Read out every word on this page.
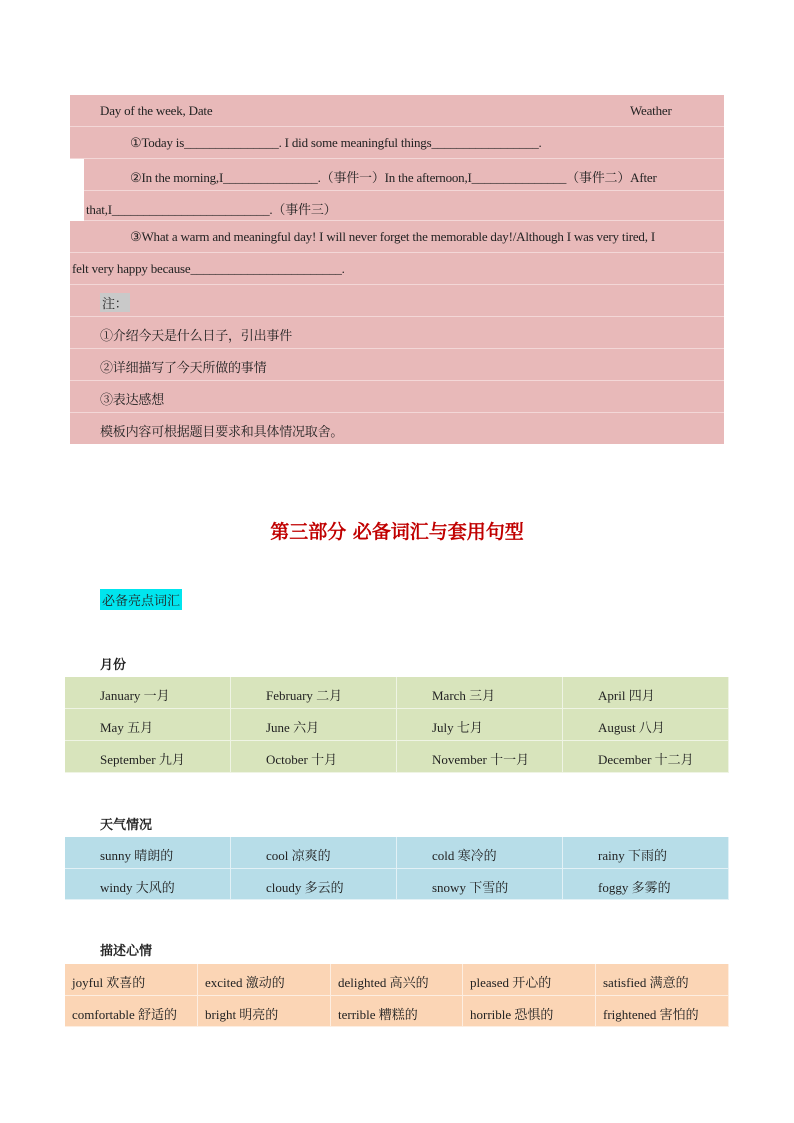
Day of the week, Date	Weather
①Today is_______________. I did some meaningful things_________________.
②In the morning,I_______________.（事件一）In the afternoon,I_______________（事件二）After
that,I_________________________.（事件三）
③What a warm and meaningful day! I will never forget the memorable day!/Although I was very tired, I
felt very happy because________________________.
注：
①介绍今天是什么日子，引出事件
②详细描写了今天所做的事情
③表达感想
模板内容可根据题目要求和具体情况取舍。
第三部分 必备词汇与套用句型
必备亮点词汇
月份
January 一月	February 二月	March 三月	April 四月
May 五月	June 六月	July 七月	August 八月
September 九月	October 十月	November 十一月	December 十二月
天气情况
sunny 晴朗的	cool 凉爽的	cold 寒冷的	rainy 下雨的
windy 大风的	cloudy 多云的	snowy 下雪的	foggy 多雾的
描述心情
joyful 欢喜的	excited 激动的	delighted 高兴的	pleased 开心的	satisfied 满意的
comfortable 舒适的	bright 明亮的	terrible 糟糕的	horrible 恐惧的	frightened 害怕的
